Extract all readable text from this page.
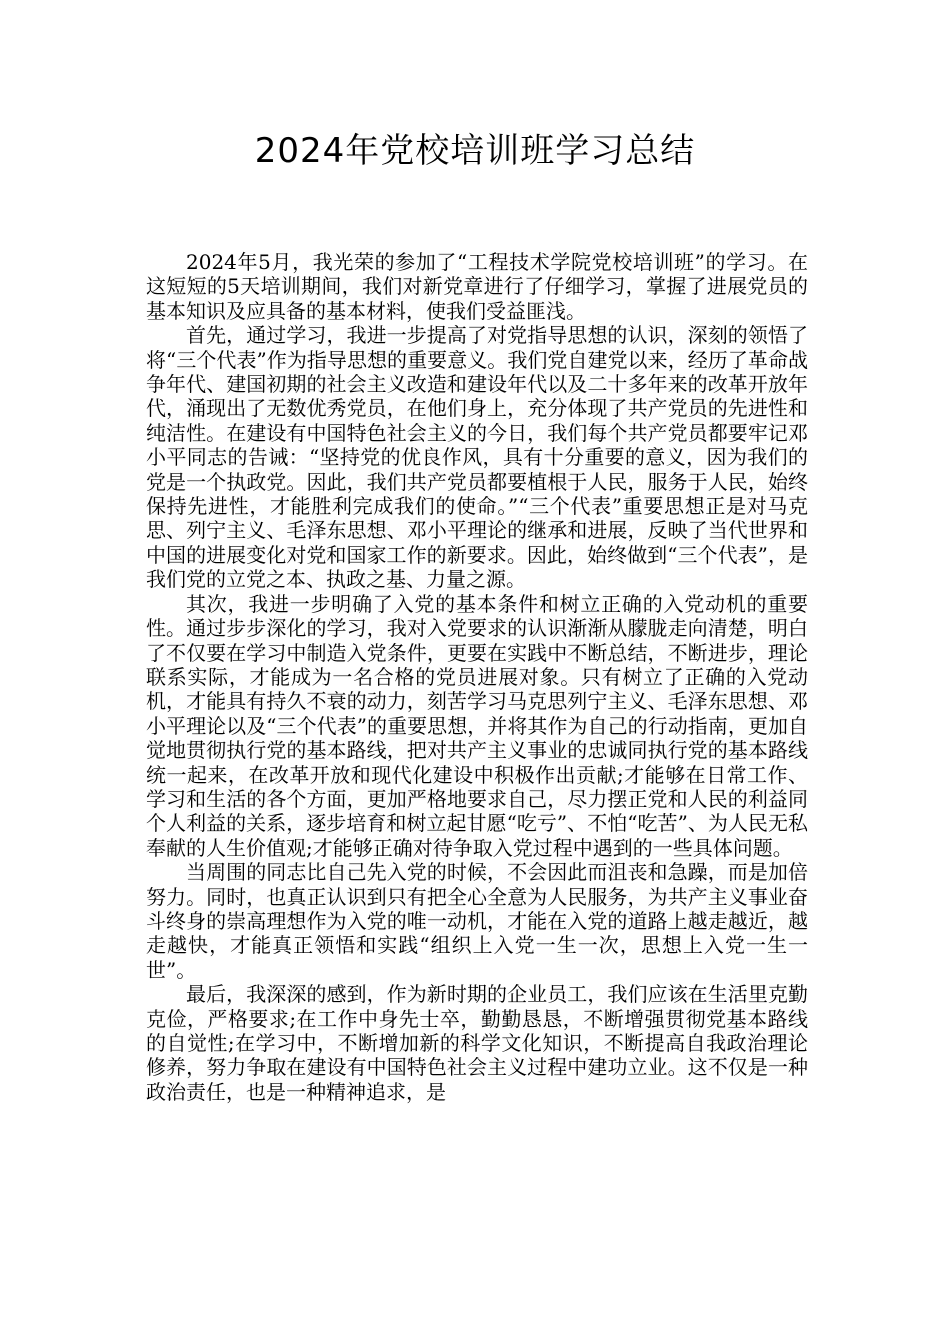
2024年党校培训班学习总结

2024年5月，我光荣的参加了“工程技术学院党校培训班”的学习。在这短短的5天培训期间，我们对新党章进行了仔细学习，掌握了进展党员的基本知识及应具备的基本材料，使我们受益匪浅。

首先，通过学习，我进一步提高了对党指导思想的认识，深刻的领悟了将“三个代表”作为指导思想的重要意义。我们党自建党以来，经历了革命战争年代、建国初期的社会主义改造和建设年代以及二十多年来的改革开放年代，涌现出了无数优秀党员，在他们身上，充分体现了共产党员的先进性和纯洁性。在建设有中国特色社会主义的今日，我们每个共产党员都要牢记邓小平同志的告诫：“坚持党的优良作风，具有十分重要的意义，因为我们的党是一个执政党。因此，我们共产党员都要植根于人民，服务于人民，始终保持先进性，才能胜利完成我们的使命。”“三个代表”重要思想正是对马克思、列宁主义、毛泽东思想、邓小平理论的继承和进展，反映了当代世界和中国的进展变化对党和国家工作的新要求。因此，始终做到“三个代表”，是我们党的立党之本、执政之基、力量之源。

其次，我进一步明确了入党的基本条件和树立正确的入党动机的重要性。通过步步深化的学习，我对入党要求的认识渐渐从朦胧走向清楚，明白了不仅要在学习中制造入党条件，更要在实践中不断总结，不断进步，理论联系实际，才能成为一名合格的党员进展对象。只有树立了正确的入党动机，才能具有持久不衰的动力，刻苦学习马克思列宁主义、毛泽东思想、邓小平理论以及“三个代表”的重要思想，并将其作为自己的行动指南，更加自觉地贯彻执行党的基本路线，把对共产主义事业的忠诚同执行党的基本路线统一起来，在改革开放和现代化建设中积极作出贡献;才能够在日常工作、学习和生活的各个方面，更加严格地要求自己，尽力摆正党和人民的利益同个人利益的关系，逐步培育和树立起甘愿“吃亏”、不怕“吃苦”、为人民无私奉献的人生价值观;才能够正确对待争取入党过程中遇到的一些具体问题。

当周围的同志比自己先入党的时候，不会因此而沮丧和急躁，而是加倍努力。同时，也真正认识到只有把全心全意为人民服务，为共产主义事业奋斗终身的崇高理想作为入党的唯一动机，才能在入党的道路上越走越近，越走越快，才能真正领悟和实践“组织上入党一生一次，思想上入党一生一世”。

最后，我深深的感到，作为新时期的企业员工，我们应该在生活里克勤克俭，严格要求;在工作中身先士卒，勤勤恳恳，不断增强贯彻党基本路线的自觉性;在学习中，不断增加新的科学文化知识，不断提高自我政治理论修养，努力争取在建设有中国特色社会主义过程中建功立业。这不仅是一种政治责任，也是一种精神追求，是
